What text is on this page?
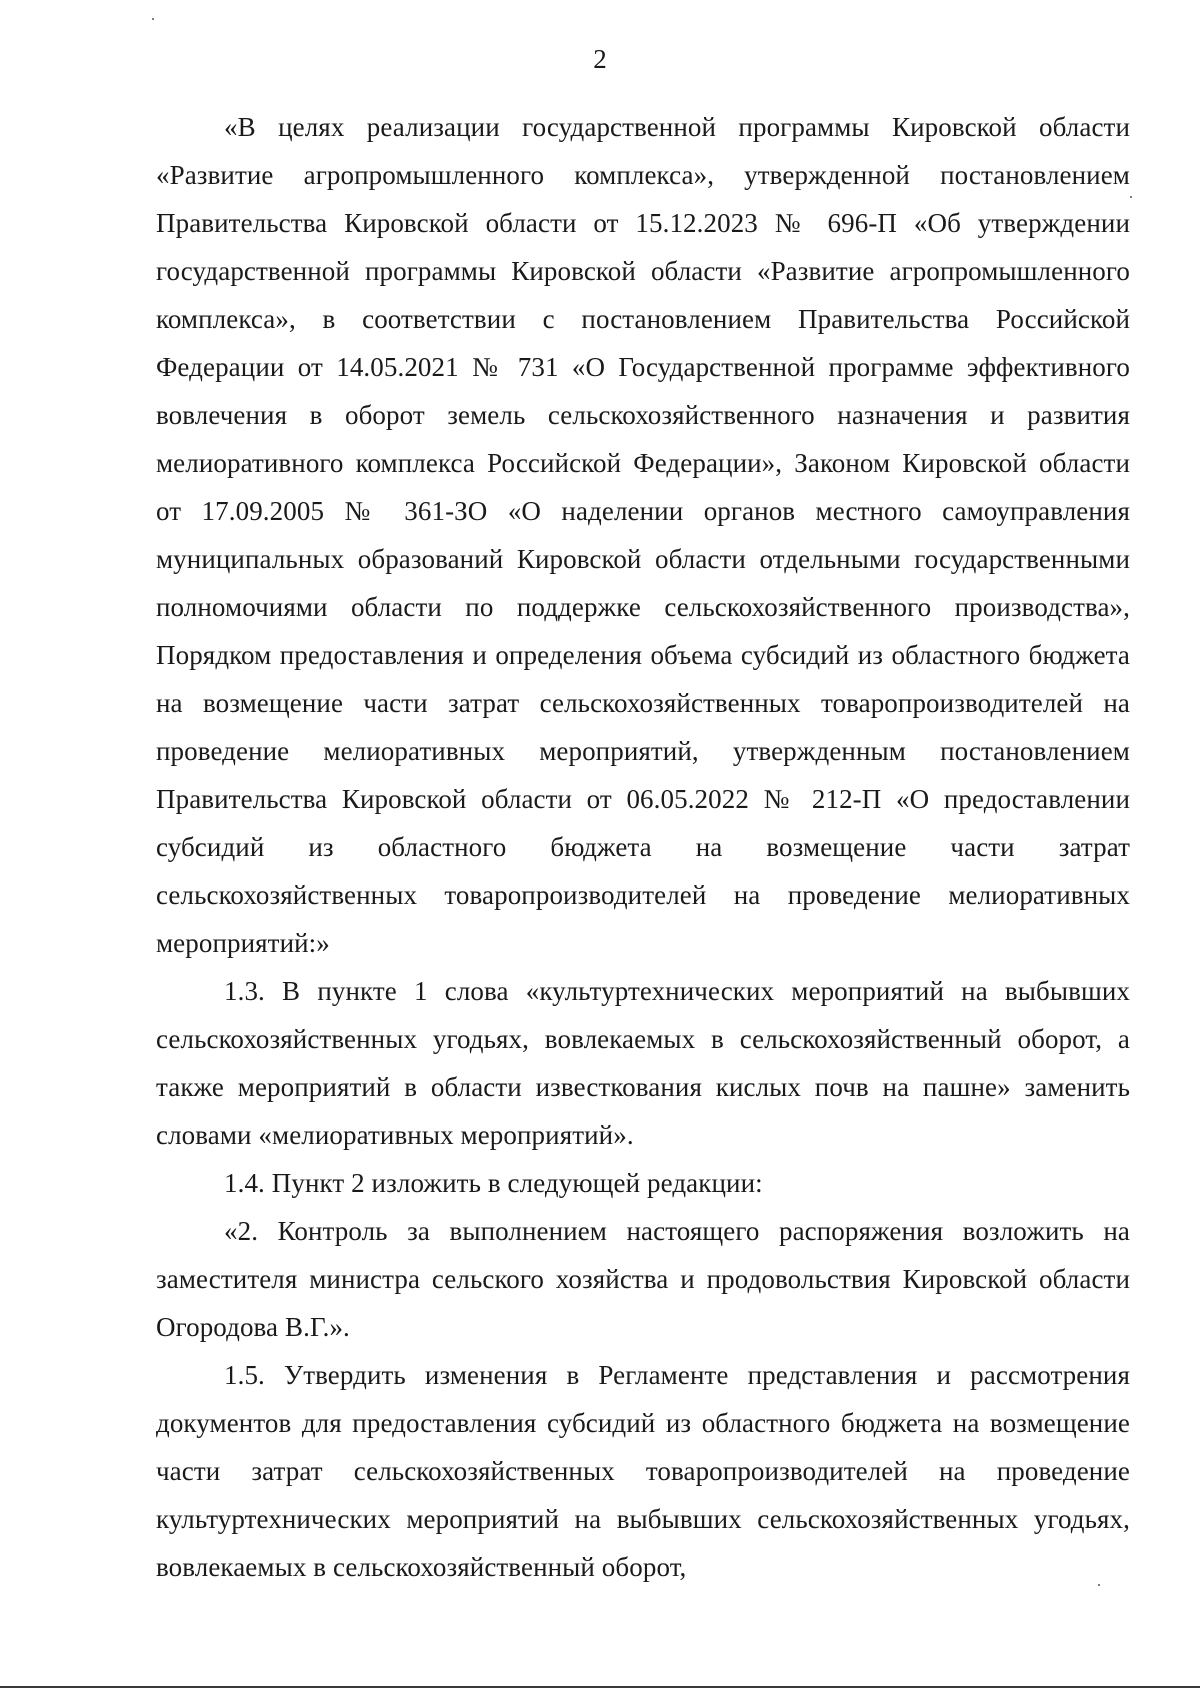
2

«В целях реализации государственной программы Кировской области «Развитие агропромышленного комплекса», утвержденной постановлением Правительства Кировской области от 15.12.2023 № 696-П «Об утверждении государственной программы Кировской области «Развитие агропромышленного комплекса», в соответствии с постановлением Правительства Российской Федерации от 14.05.2021 № 731 «О Государственной программе эффективного вовлечения в оборот земель сельскохозяйственного назначения и развития мелиоративного комплекса Российской Федерации», Законом Кировской области от 17.09.2005 № 361-ЗО «О наделении органов местного самоуправления муниципальных образований Кировской области отдельными государственными полномочиями области по поддержке сельскохозяйственного производства», Порядком предоставления и определения объема субсидий из областного бюджета на возмещение части затрат сельскохозяйственных товаропроизводителей на проведение мелиоративных мероприятий, утвержденным постановлением Правительства Кировской области от 06.05.2022 № 212-П «О предоставлении субсидий из областного бюджета на возмещение части затрат сельскохозяйственных товаропроизводителей на проведение мелиоративных мероприятий:»

1.3. В пункте 1 слова «культуртехнических мероприятий на выбывших сельскохозяйственных угодьях, вовлекаемых в сельскохозяйственный оборот, а также мероприятий в области известкования кислых почв на пашне» заменить словами «мелиоративных мероприятий».

1.4. Пункт 2 изложить в следующей редакции:

«2. Контроль за выполнением настоящего распоряжения возложить на заместителя министра сельского хозяйства и продовольствия Кировской области Огородова В.Г.».

1.5. Утвердить изменения в Регламенте представления и рассмотрения документов для предоставления субсидий из областного бюджета на возмещение части затрат сельскохозяйственных товаропроизводителей на проведение культуртехнических мероприятий на выбывших сельскохозяйственных угодьях, вовлекаемых в сельскохозяйственный оборот,
